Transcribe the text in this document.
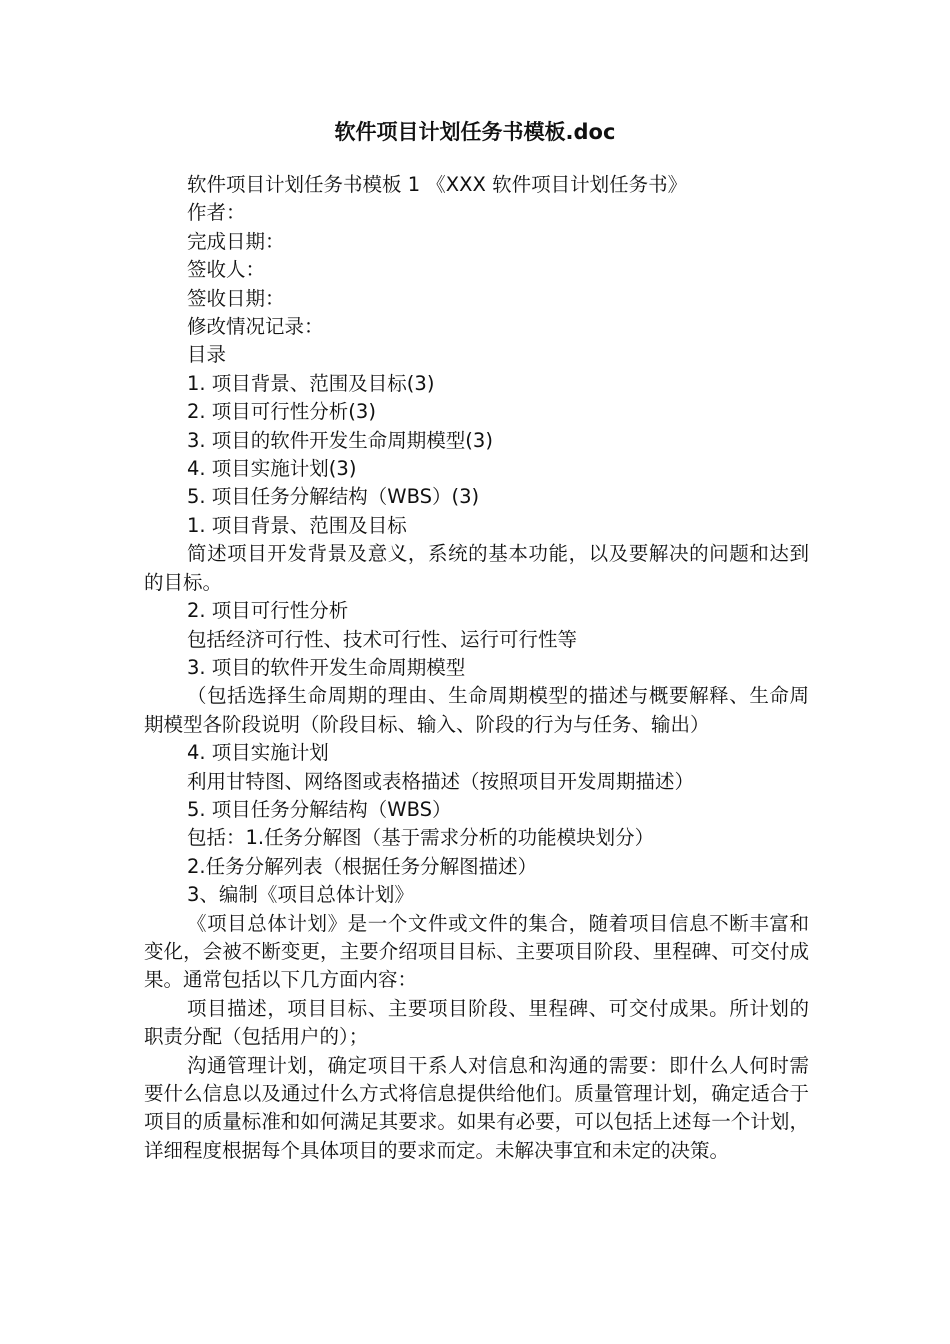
软件项目计划任务书模板.doc

软件项目计划任务书模板 1 《XXX 软件项目计划任务书》

作者：

完成日期：

签收人：

签收日期：

修改情况记录：

目录

1. 项目背景、范围及目标(3)

2. 项目可行性分析(3)

3. 项目的软件开发生命周期模型(3)

4. 项目实施计划(3)

5. 项目任务分解结构（WBS）(3)

1. 项目背景、范围及目标

简述项目开发背景及意义，系统的基本功能，以及要解决的问题和达到的目标。

2. 项目可行性分析

包括经济可行性、技术可行性、运行可行性等

3. 项目的软件开发生命周期模型

（包括选择生命周期的理由、生命周期模型的描述与概要解释、生命周期模型各阶段说明（阶段目标、输入、阶段的行为与任务、输出）

4. 项目实施计划

利用甘特图、网络图或表格描述（按照项目开发周期描述）

5. 项目任务分解结构（WBS）

包括：1.任务分解图（基于需求分析的功能模块划分）

2.任务分解列表（根据任务分解图描述）

3、编制《项目总体计划》

《项目总体计划》是一个文件或文件的集合，随着项目信息不断丰富和变化，会被不断变更，主要介绍项目目标、主要项目阶段、里程碑、可交付成果。通常包括以下几方面内容：

项目描述，项目目标、主要项目阶段、里程碑、可交付成果。所计划的职责分配（包括用户的）；

沟通管理计划，确定项目干系人对信息和沟通的需要：即什么人何时需要什么信息以及通过什么方式将信息提供给他们。质量管理计划，确定适合于项目的质量标准和如何满足其要求。如果有必要，可以包括上述每一个计划，详细程度根据每个具体项目的要求而定。未解决事宜和未定的决策。
